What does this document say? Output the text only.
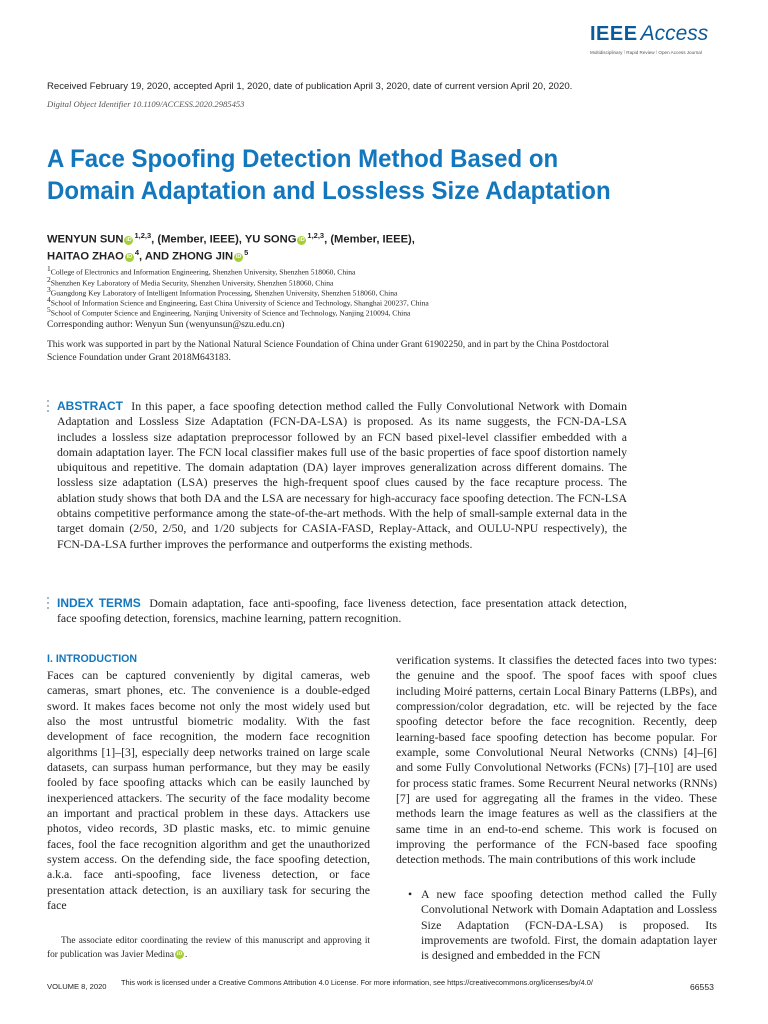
IEEE Access
Multidisciplinary ⁞ Rapid Review ⁞ Open Access Journal
Received February 19, 2020, accepted April 1, 2020, date of publication April 3, 2020, date of current version April 20, 2020.
Digital Object Identifier 10.1109/ACCESS.2020.2985453
A Face Spoofing Detection Method Based on
Domain Adaptation and Lossless Size Adaptation
WENYUN SUN iD $^{1,2,3}$, (Member, IEEE), YU SONG iD $^{1,2,3}$, (Member, IEEE),
HAITAO ZHAO iD $^4$, AND ZHONG JIN iD $^5$
$^1$College of Electronics and Information Engineering, Shenzhen University, Shenzhen 518060, China
$^2$Shenzhen Key Laboratory of Media Security, Shenzhen University, Shenzhen 518060, China
$^3$Guangdong Key Laboratory of Intelligent Information Processing, Shenzhen University, Shenzhen 518060, China
$^4$School of Information Science and Engineering, East China University of Science and Technology, Shanghai 200237, China
$^5$School of Computer Science and Engineering, Nanjing University of Science and Technology, Nanjing 210094, China
Corresponding author: Wenyun Sun (wenyunsun@szu.edu.cn)
This work was supported in part by the National Natural Science Foundation of China under Grant 61902250, and in part by the China Postdoctoral Science Foundation under Grant 2018M643183.
ABSTRACT In this paper, a face spoofing detection method called the Fully Convolutional Network with Domain Adaptation and Lossless Size Adaptation (FCN-DA-LSA) is proposed. As its name suggests, the FCN-DA-LSA includes a lossless size adaptation preprocessor followed by an FCN based pixel-level classifier embedded with a domain adaptation layer. The FCN local classifier makes full use of the basic properties of face spoof distortion namely ubiquitous and repetitive. The domain adaptation (DA) layer improves generalization across different domains. The lossless size adaptation (LSA) preserves the high-frequent spoof clues caused by the face recapture process. The ablation study shows that both DA and the LSA are necessary for high-accuracy face spoofing detection. The FCN-LSA obtains competitive performance among the state-of-the-art methods. With the help of small-sample external data in the target domain (2/50, 2/50, and 1/20 subjects for CASIA-FASD, Replay-Attack, and OULU-NPU respectively), the FCN-DA-LSA further improves the performance and outperforms the existing methods.
INDEX TERMS Domain adaptation, face anti-spoofing, face liveness detection, face presentation attack detection, face spoofing detection, forensics, machine learning, pattern recognition.
I. INTRODUCTION
Faces can be captured conveniently by digital cameras, web cameras, smart phones, etc. The convenience is a double-edged sword. It makes faces become not only the most widely used but also the most untrustful biometric modality. With the fast development of face recognition, the modern face recognition algorithms [1]–[3], especially deep networks trained on large scale datasets, can surpass human performance, but they may be easily fooled by face spoofing attacks which can be easily launched by inexperienced attackers. The security of the face modality become an important and practical problem in these days. Attackers use photos, video records, 3D plastic masks, etc. to mimic genuine faces, fool the face recognition algorithm and get the unauthorized system access. On the defending side, the face spoofing detection, a.k.a. face anti-spoofing, face liveness detection, or face presentation attack detection, is an auxiliary task for securing the face
verification systems. It classifies the detected faces into two types: the genuine and the spoof. The spoof faces with spoof clues including Moiré patterns, certain Local Binary Patterns (LBPs), and compression/color degradation, etc. will be rejected by the face spoofing detector before the face recognition. Recently, deep learning-based face spoofing detection has become popular. For example, some Convolutional Neural Networks (CNNs) [4]–[6] and some Fully Convolutional Networks (FCNs) [7]–[10] are used for process static frames. Some Recurrent Neural networks (RNNs) [7] are used for aggregating all the frames in the video. These methods learn the image features as well as the classifiers at the same time in an end-to-end scheme. This work is focused on improving the performance of the FCN-based face spoofing detection methods. The main contributions of this work include
• A new face spoofing detection method called the Fully Convolutional Network with Domain Adaptation and Lossless Size Adaptation (FCN-DA-LSA) is proposed. Its improvements are twofold. First, the domain adaptation layer is designed and embedded in the FCN
The associate editor coordinating the review of this manuscript and approving it for publication was Javier Medina iD .
VOLUME 8, 2020 This work is licensed under a Creative Commons Attribution 4.0 License. For more information, see https://creativecommons.org/licenses/by/4.0/	66553
